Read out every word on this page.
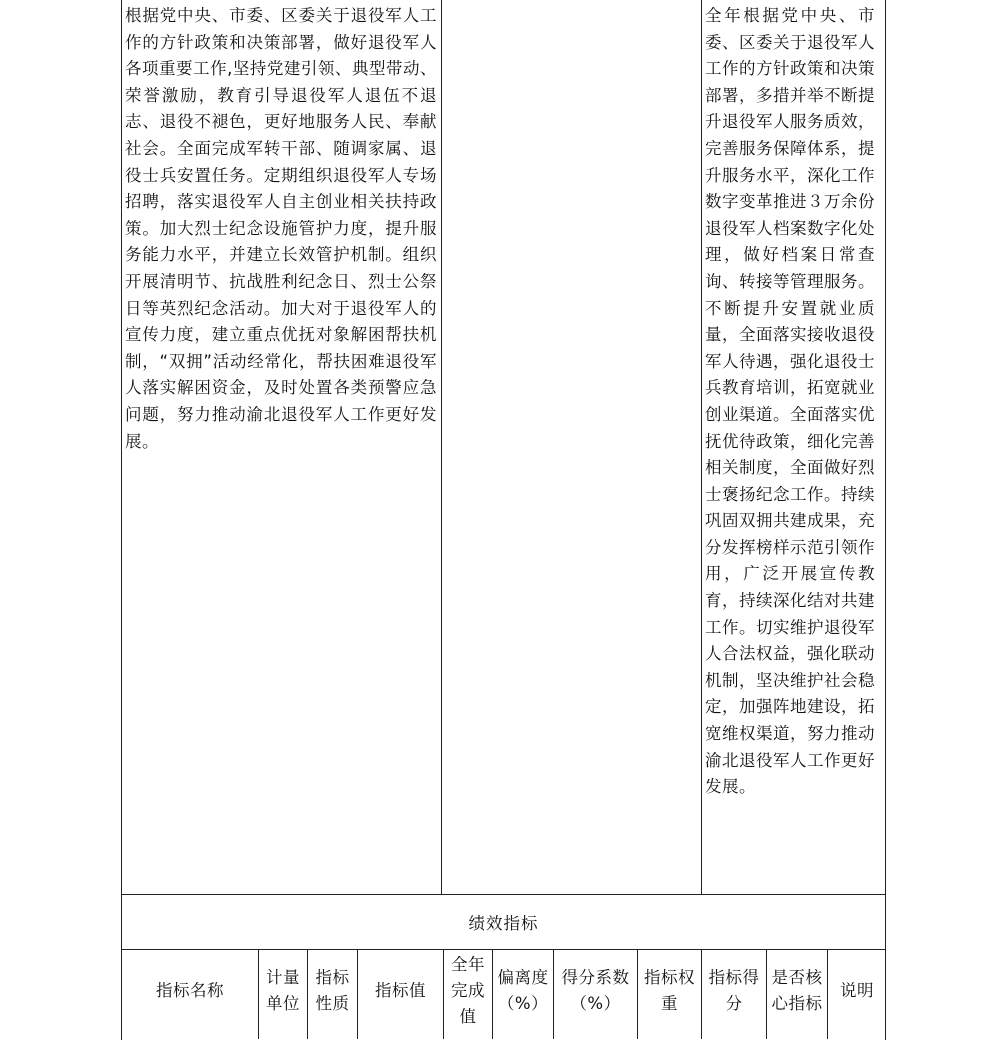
根据党中央、市委、区委关于退役军人工作的方针政策和决策部署，做好退役军人各项重要工作,坚持党建引领、典型带动、荣誉激励，教育引导退役军人退伍不退志、退役不褪色，更好地服务人民、奉献社会。全面完成军转干部、随调家属、退役士兵安置任务。定期组织退役军人专场招聘，落实退役军人自主创业相关扶持政策。加大烈士纪念设施管护力度，提升服务能力水平，并建立长效管护机制。组织开展清明节、抗战胜利纪念日、烈士公祭日等英烈纪念活动。加大对于退役军人的宣传力度，建立重点优抚对象解困帮扶机制，“双拥”活动经常化，帮扶困难退役军人落实解困资金，及时处置各类预警应急问题，努力推动渝北退役军人工作更好发展。
全年根据党中央、市委、区委关于退役军人工作的方针政策和决策部署，多措并举不断提升退役军人服务质效，完善服务保障体系，提升服务水平，深化工作数字变革推进３万余份退役军人档案数字化处理，做好档案日常查询、转接等管理服务。不断提升安置就业质量，全面落实接收退役军人待遇，强化退役士兵教育培训，拓宽就业创业渠道。全面落实优抚优待政策，细化完善相关制度，全面做好烈士褒扬纪念工作。持续巩固双拥共建成果，充分发挥榜样示范引领作用，广泛开展宣传教育，持续深化结对共建工作。切实维护退役军人合法权益，强化联动机制，坚决维护社会稳定，加强阵地建设，拓宽维权渠道，努力推动渝北退役军人工作更好发展。
绩效指标
指标名称
计量单位
指标性质
指标值
全年完成值
偏离度（%）
得分系数（%）
指标权重
指标得分
是否核心指标
说明
